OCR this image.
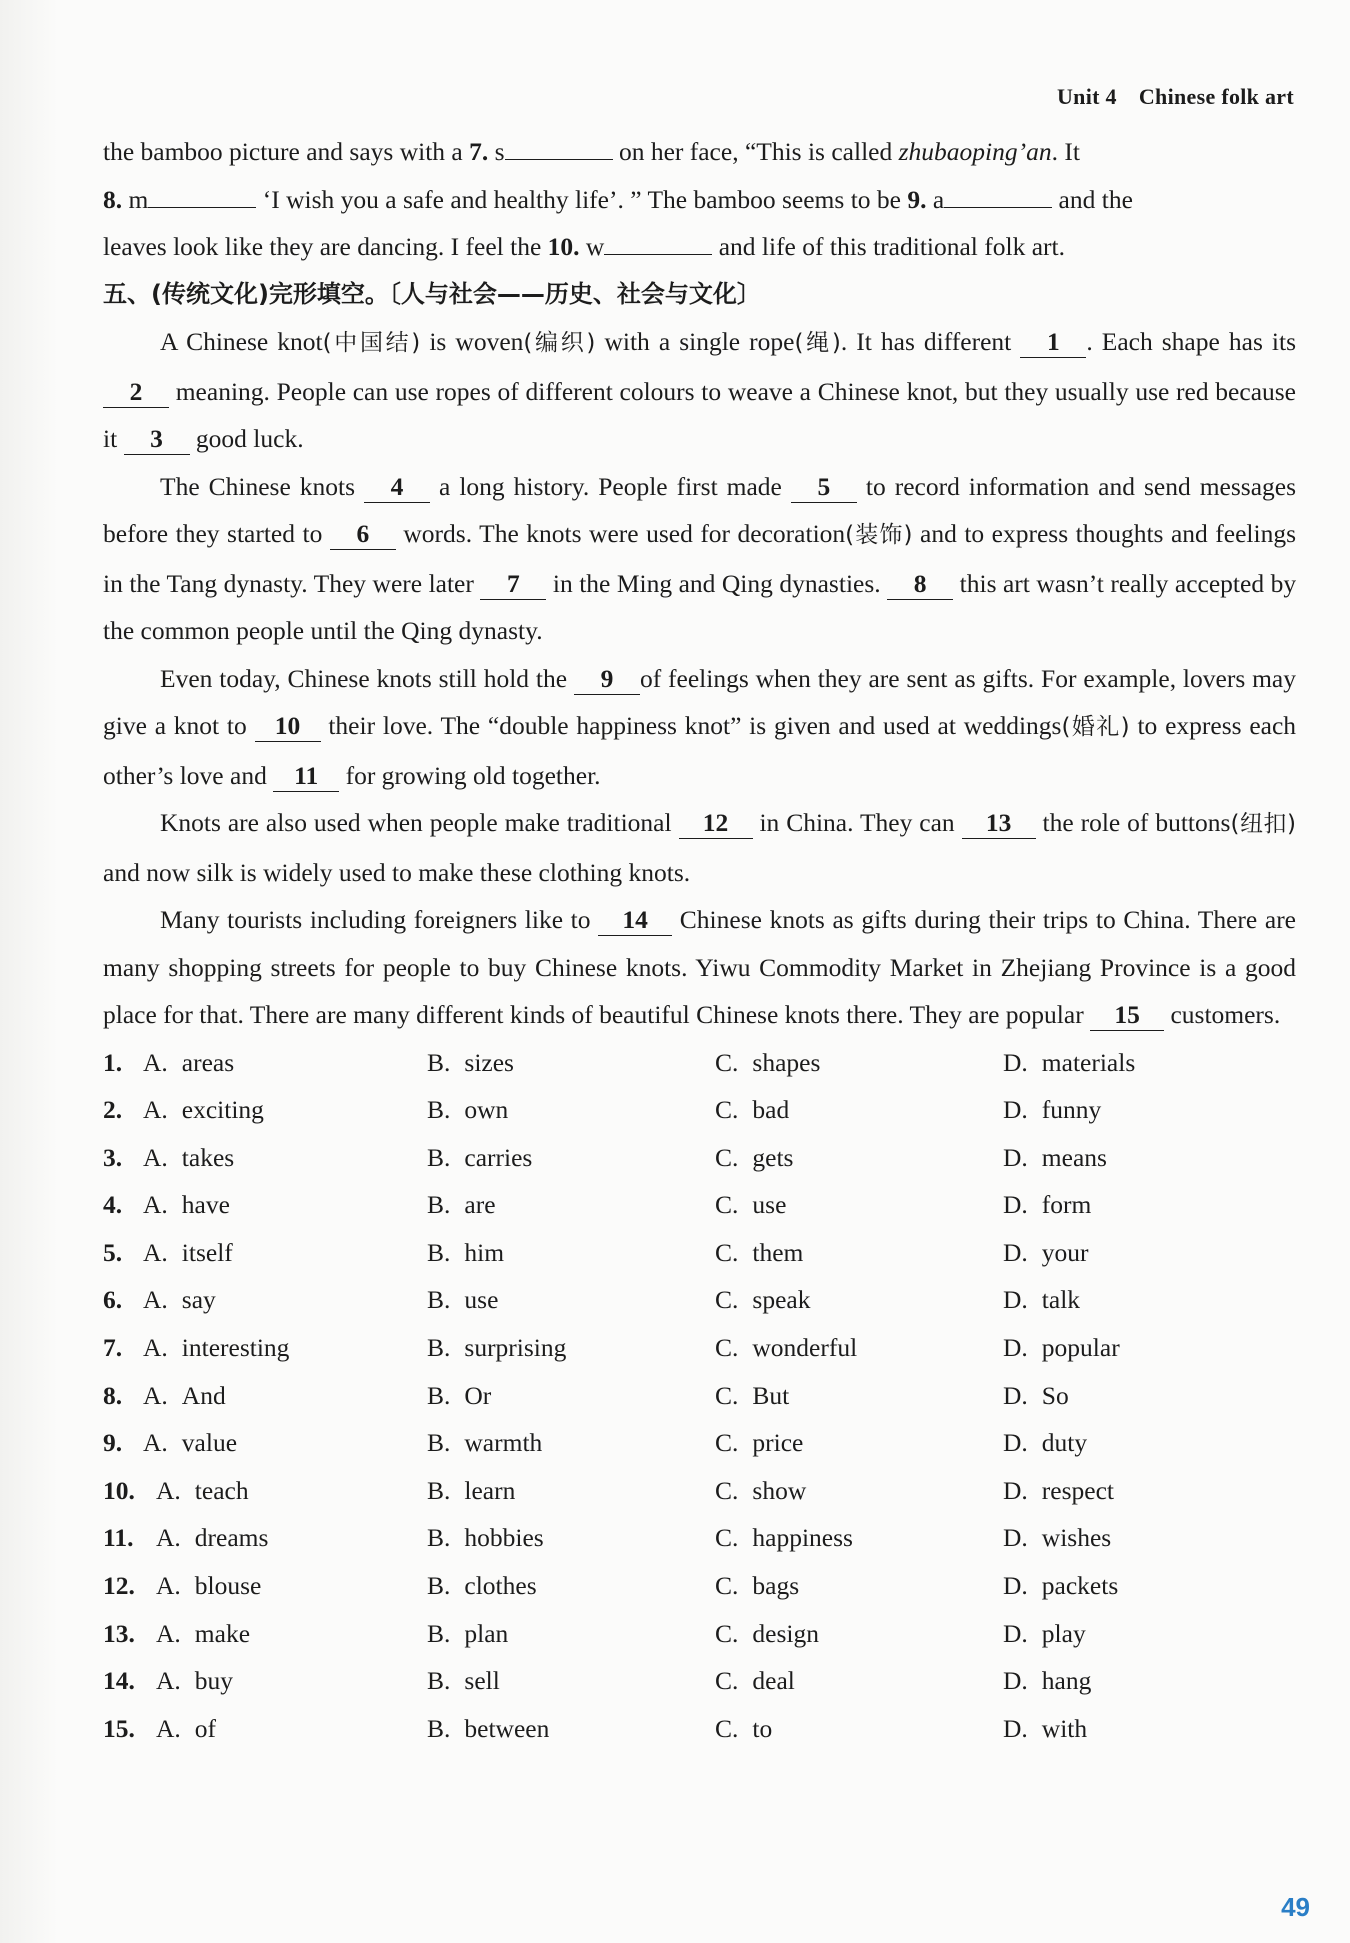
Unit 4 Chinese folk art

the bamboo picture and says with a 7. s	on her face, “This is called zhubaoping’an. It

8. m	‘I wish you a safe and healthy life’. ” The bamboo seems to be 9. a	and the

leaves look like they are dancing. I feel the 10. w	and life of this traditional folk art.

五、(传统文化)完形填空。〔人与社会——历史、社会与文化〕

A Chinese knot(中国结) is woven(编织) with a single rope(绳). It has different 1 . Each shape has its 2 meaning. People can use ropes of different colours to weave a Chinese knot, but they usually use red because it 3 good luck.

The Chinese knots 4 a long history. People first made 5 to record information and send messages before they started to 6 words. The knots were used for decoration(装饰) and to express thoughts and feelings in the Tang dynasty. They were later 7 in the Ming and Qing dynasties. 8 this art wasn’t really accepted by the common people until the Qing dynasty.

Even today, Chinese knots still hold the 9 of feelings when they are sent as gifts. For example, lovers may give a knot to 10 their love. The “double happiness knot” is given and used at weddings(婚礼) to express each other’s love and 11 for growing old together.

Knots are also used when people make traditional 12 in China. They can 13 the role of buttons(纽扣) and now silk is widely used to make these clothing knots.

Many tourists including foreigners like to 14 Chinese knots as gifts during their trips to China. There are many shopping streets for people to buy Chinese knots. Yiwu Commodity Market in Zhejiang Province is a good place for that. There are many different kinds of beautiful Chinese knots there. They are popular 15 customers.

1. A. areas	B. sizes	C. shapes	D. materials
2. A. exciting	B. own	C. bad	D. funny
3. A. takes	B. carries	C. gets	D. means
4. A. have	B. are	C. use	D. form
5. A. itself	B. him	C. them	D. your
6. A. say	B. use	C. speak	D. talk
7. A. interesting	B. surprising	C. wonderful	D. popular
8. A. And	B. Or	C. But	D. So
9. A. value	B. warmth	C. price	D. duty
10. A. teach	B. learn	C. show	D. respect
11. A. dreams	B. hobbies	C. happiness	D. wishes
12. A. blouse	B. clothes	C. bags	D. packets
13. A. make	B. plan	C. design	D. play
14. A. buy	B. sell	C. deal	D. hang
15. A. of	B. between	C. to	D. with
49
